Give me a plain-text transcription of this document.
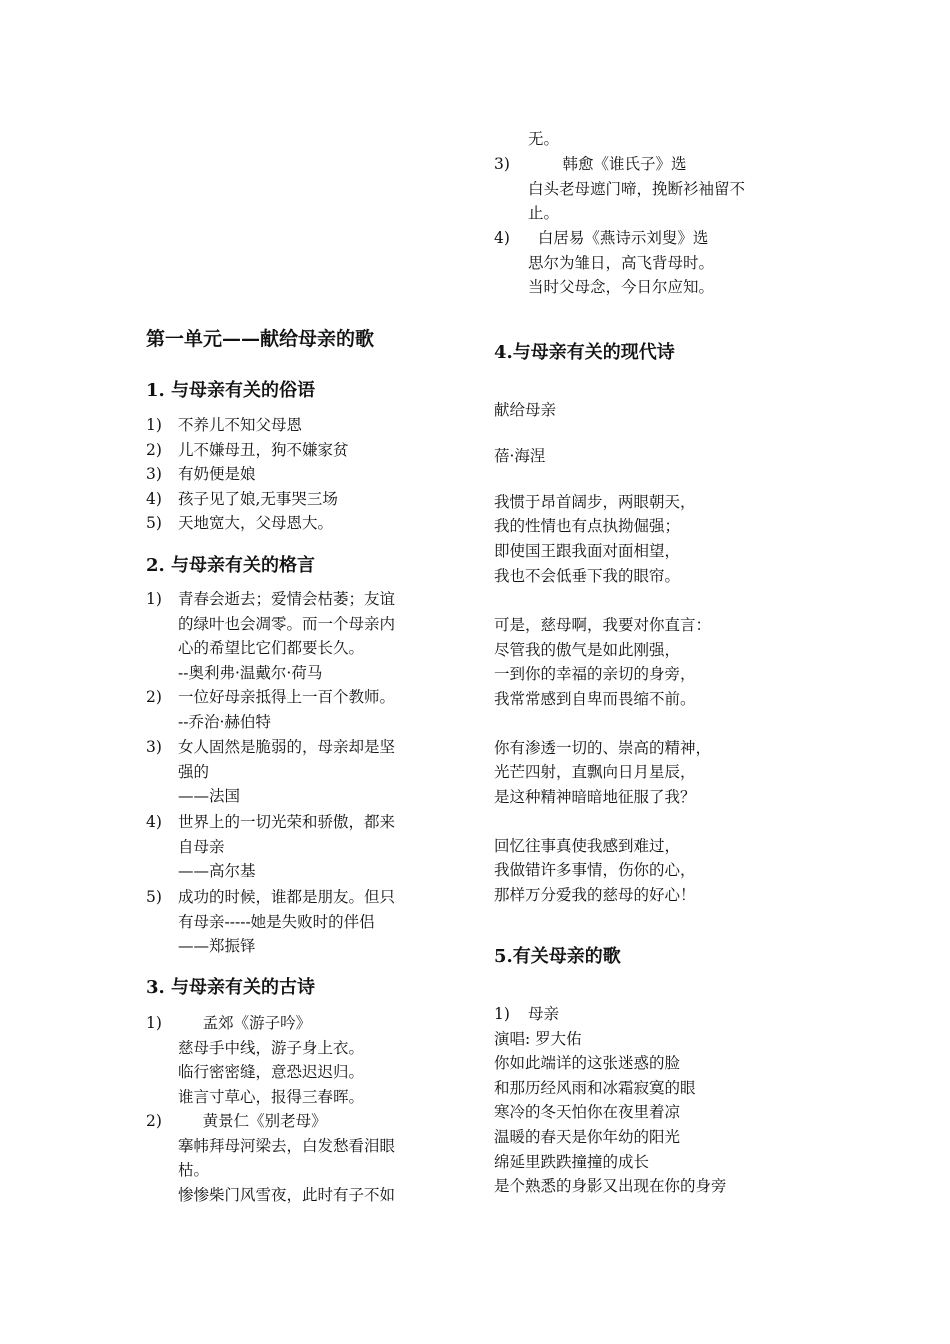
第一单元——献给母亲的歌
1. 与母亲有关的俗语
1)	不养儿不知父母恩
2)	儿不嫌母丑，狗不嫌家贫
3)	有奶便是娘
4)	孩子见了娘,无事哭三场
5)	天地宽大，父母恩大。
2. 与母亲有关的格言
1)	青春会逝去；爱情会枯萎；友谊
的绿叶也会凋零。而一个母亲内
心的希望比它们都要长久。
--奥利弗·温戴尔·荷马
2)	一位好母亲抵得上一百个教师。
--乔治·赫伯特
3)	女人固然是脆弱的，母亲却是坚
强的
——法国
4)	世界上的一切光荣和骄傲，都来
自母亲
——高尔基
5)	成功的时候，谁都是朋友。但只
有母亲-----她是失败时的伴侣
——郑振铎
3. 与母亲有关的古诗
1)	孟郊《游子吟》
慈母手中线，游子身上衣。
临行密密缝，意恐迟迟归。
谁言寸草心，报得三春晖。
2)	黄景仁《别老母》
搴帏拜母河梁去，白发愁看泪眼
枯。
惨惨柴门风雪夜，此时有子不如
无。
3) 韩愈《谁氏子》选
白头老母遮门啼，挽断衫袖留不
止。
4) 白居易《燕诗示刘叟》选
思尔为雏日，高飞背母时。
当时父母念，今日尔应知。
4.与母亲有关的现代诗
献给母亲
蓓·海涅
我惯于昂首阔步，两眼朝天，
我的性情也有点执拗倔强；
即使国王跟我面对面相望，
我也不会低垂下我的眼帘。
可是，慈母啊，我要对你直言：
尽管我的傲气是如此刚强，
一到你的幸福的亲切的身旁，
我常常感到自卑而畏缩不前。
你有渗透一切的、崇高的精神，
光芒四射，直飘向日月星辰，
是这种精神暗暗地征服了我？
回忆往事真使我感到难过，
我做错许多事情，伤你的心，
那样万分爱我的慈母的好心！
5.有关母亲的歌
1) 母亲
演唱: 罗大佑
你如此端详的这张迷惑的脸
和那历经风雨和冰霜寂寞的眼
寒冷的冬天怕你在夜里着凉
温暖的春天是你年幼的阳光
绵延里跌跌撞撞的成长
是个熟悉的身影又出现在你的身旁
